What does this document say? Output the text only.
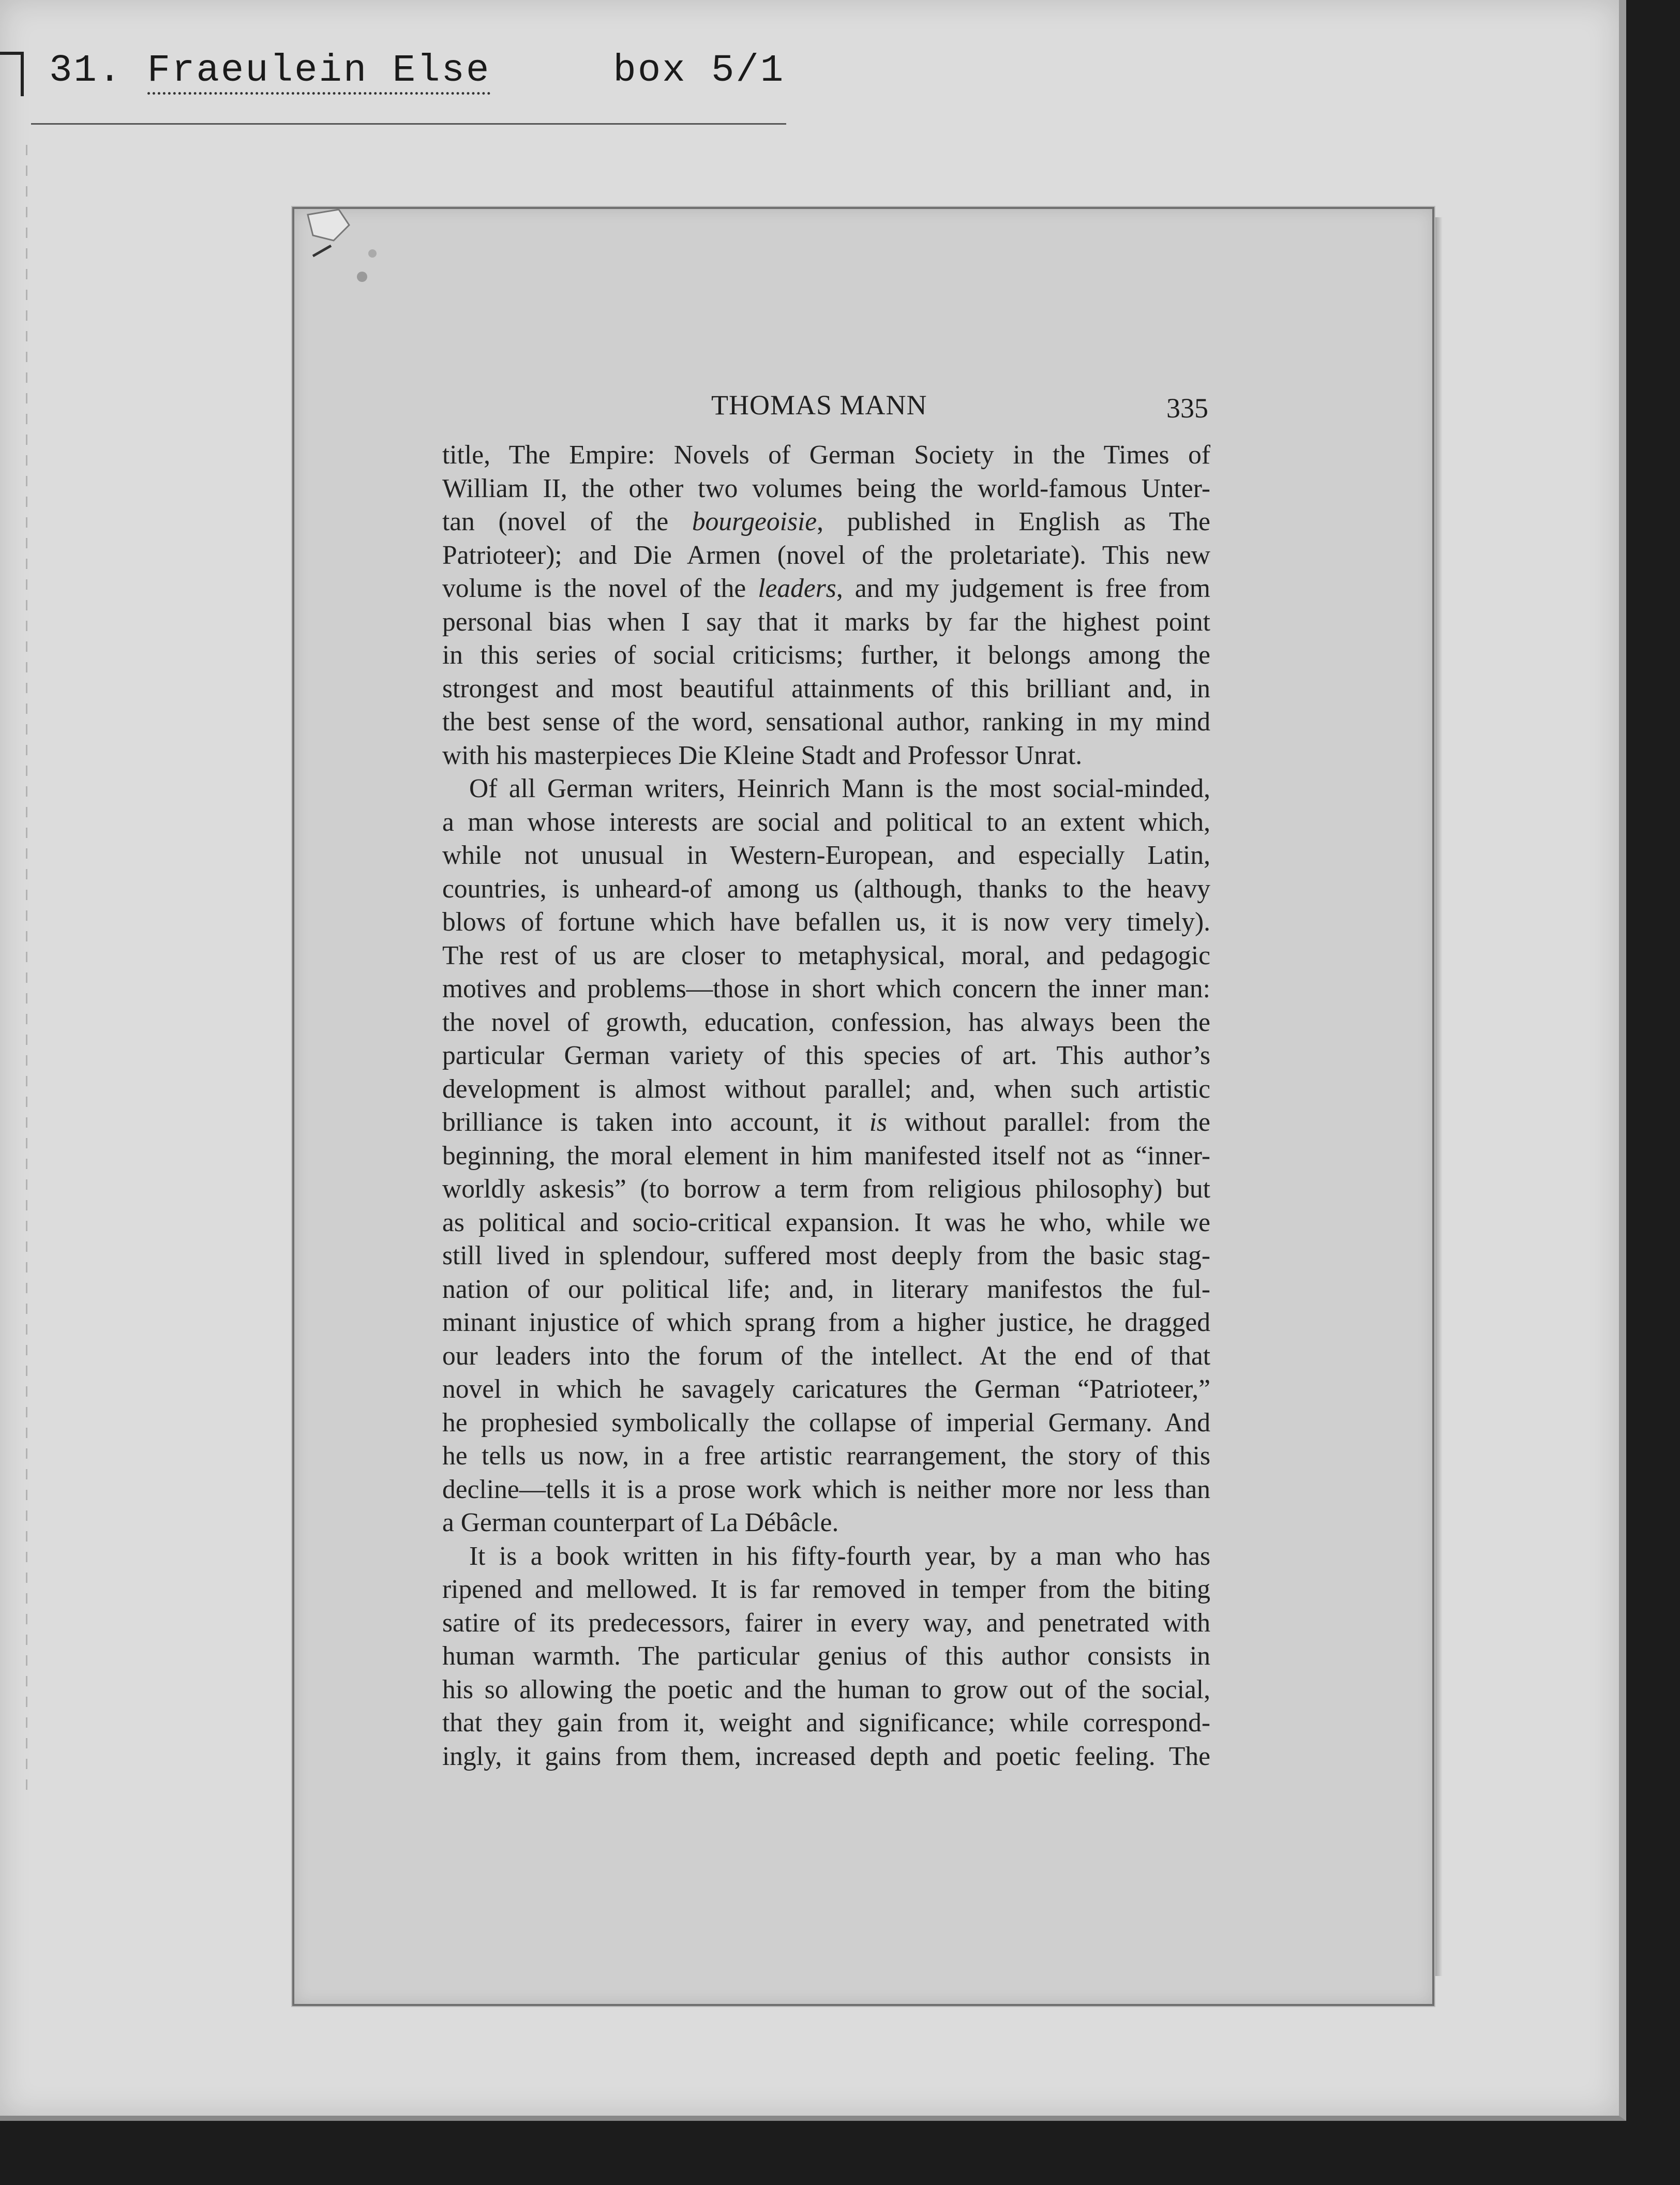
31. Fraeulein Else	box 5/1
THOMAS MANN	335
title, The Empire: Novels of German Society in the Times of
William II, the other two volumes being the world-famous Unter-
tan (novel of the bourgeoisie, published in English as The
Patrioteer); and Die Armen (novel of the proletariate). This new
volume is the novel of the leaders, and my judgement is free from
personal bias when I say that it marks by far the highest point
in this series of social criticisms; further, it belongs among the
strongest and most beautiful attainments of this brilliant and, in
the best sense of the word, sensational author, ranking in my mind
with his masterpieces Die Kleine Stadt and Professor Unrat.
Of all German writers, Heinrich Mann is the most social-minded,
a man whose interests are social and political to an extent which,
while not unusual in Western-European, and especially Latin,
countries, is unheard-of among us (although, thanks to the heavy
blows of fortune which have befallen us, it is now very timely).
The rest of us are closer to metaphysical, moral, and pedagogic
motives and problems—those in short which concern the inner man:
the novel of growth, education, confession, has always been the
particular German variety of this species of art. This author’s
development is almost without parallel; and, when such artistic
brilliance is taken into account, it is without parallel: from the
beginning, the moral element in him manifested itself not as “inner-
worldly askesis” (to borrow a term from religious philosophy) but
as political and socio-critical expansion. It was he who, while we
still lived in splendour, suffered most deeply from the basic stag-
nation of our political life; and, in literary manifestos the ful-
minant injustice of which sprang from a higher justice, he dragged
our leaders into the forum of the intellect. At the end of that
novel in which he savagely caricatures the German “Patrioteer,”
he prophesied symbolically the collapse of imperial Germany. And
he tells us now, in a free artistic rearrangement, the story of this
decline—tells it is a prose work which is neither more nor less than
a German counterpart of La Débâcle.
It is a book written in his fifty-fourth year, by a man who has
ripened and mellowed. It is far removed in temper from the biting
satire of its predecessors, fairer in every way, and penetrated with
human warmth. The particular genius of this author consists in
his so allowing the poetic and the human to grow out of the social,
that they gain from it, weight and significance; while correspond-
ingly, it gains from them, increased depth and poetic feeling. The
